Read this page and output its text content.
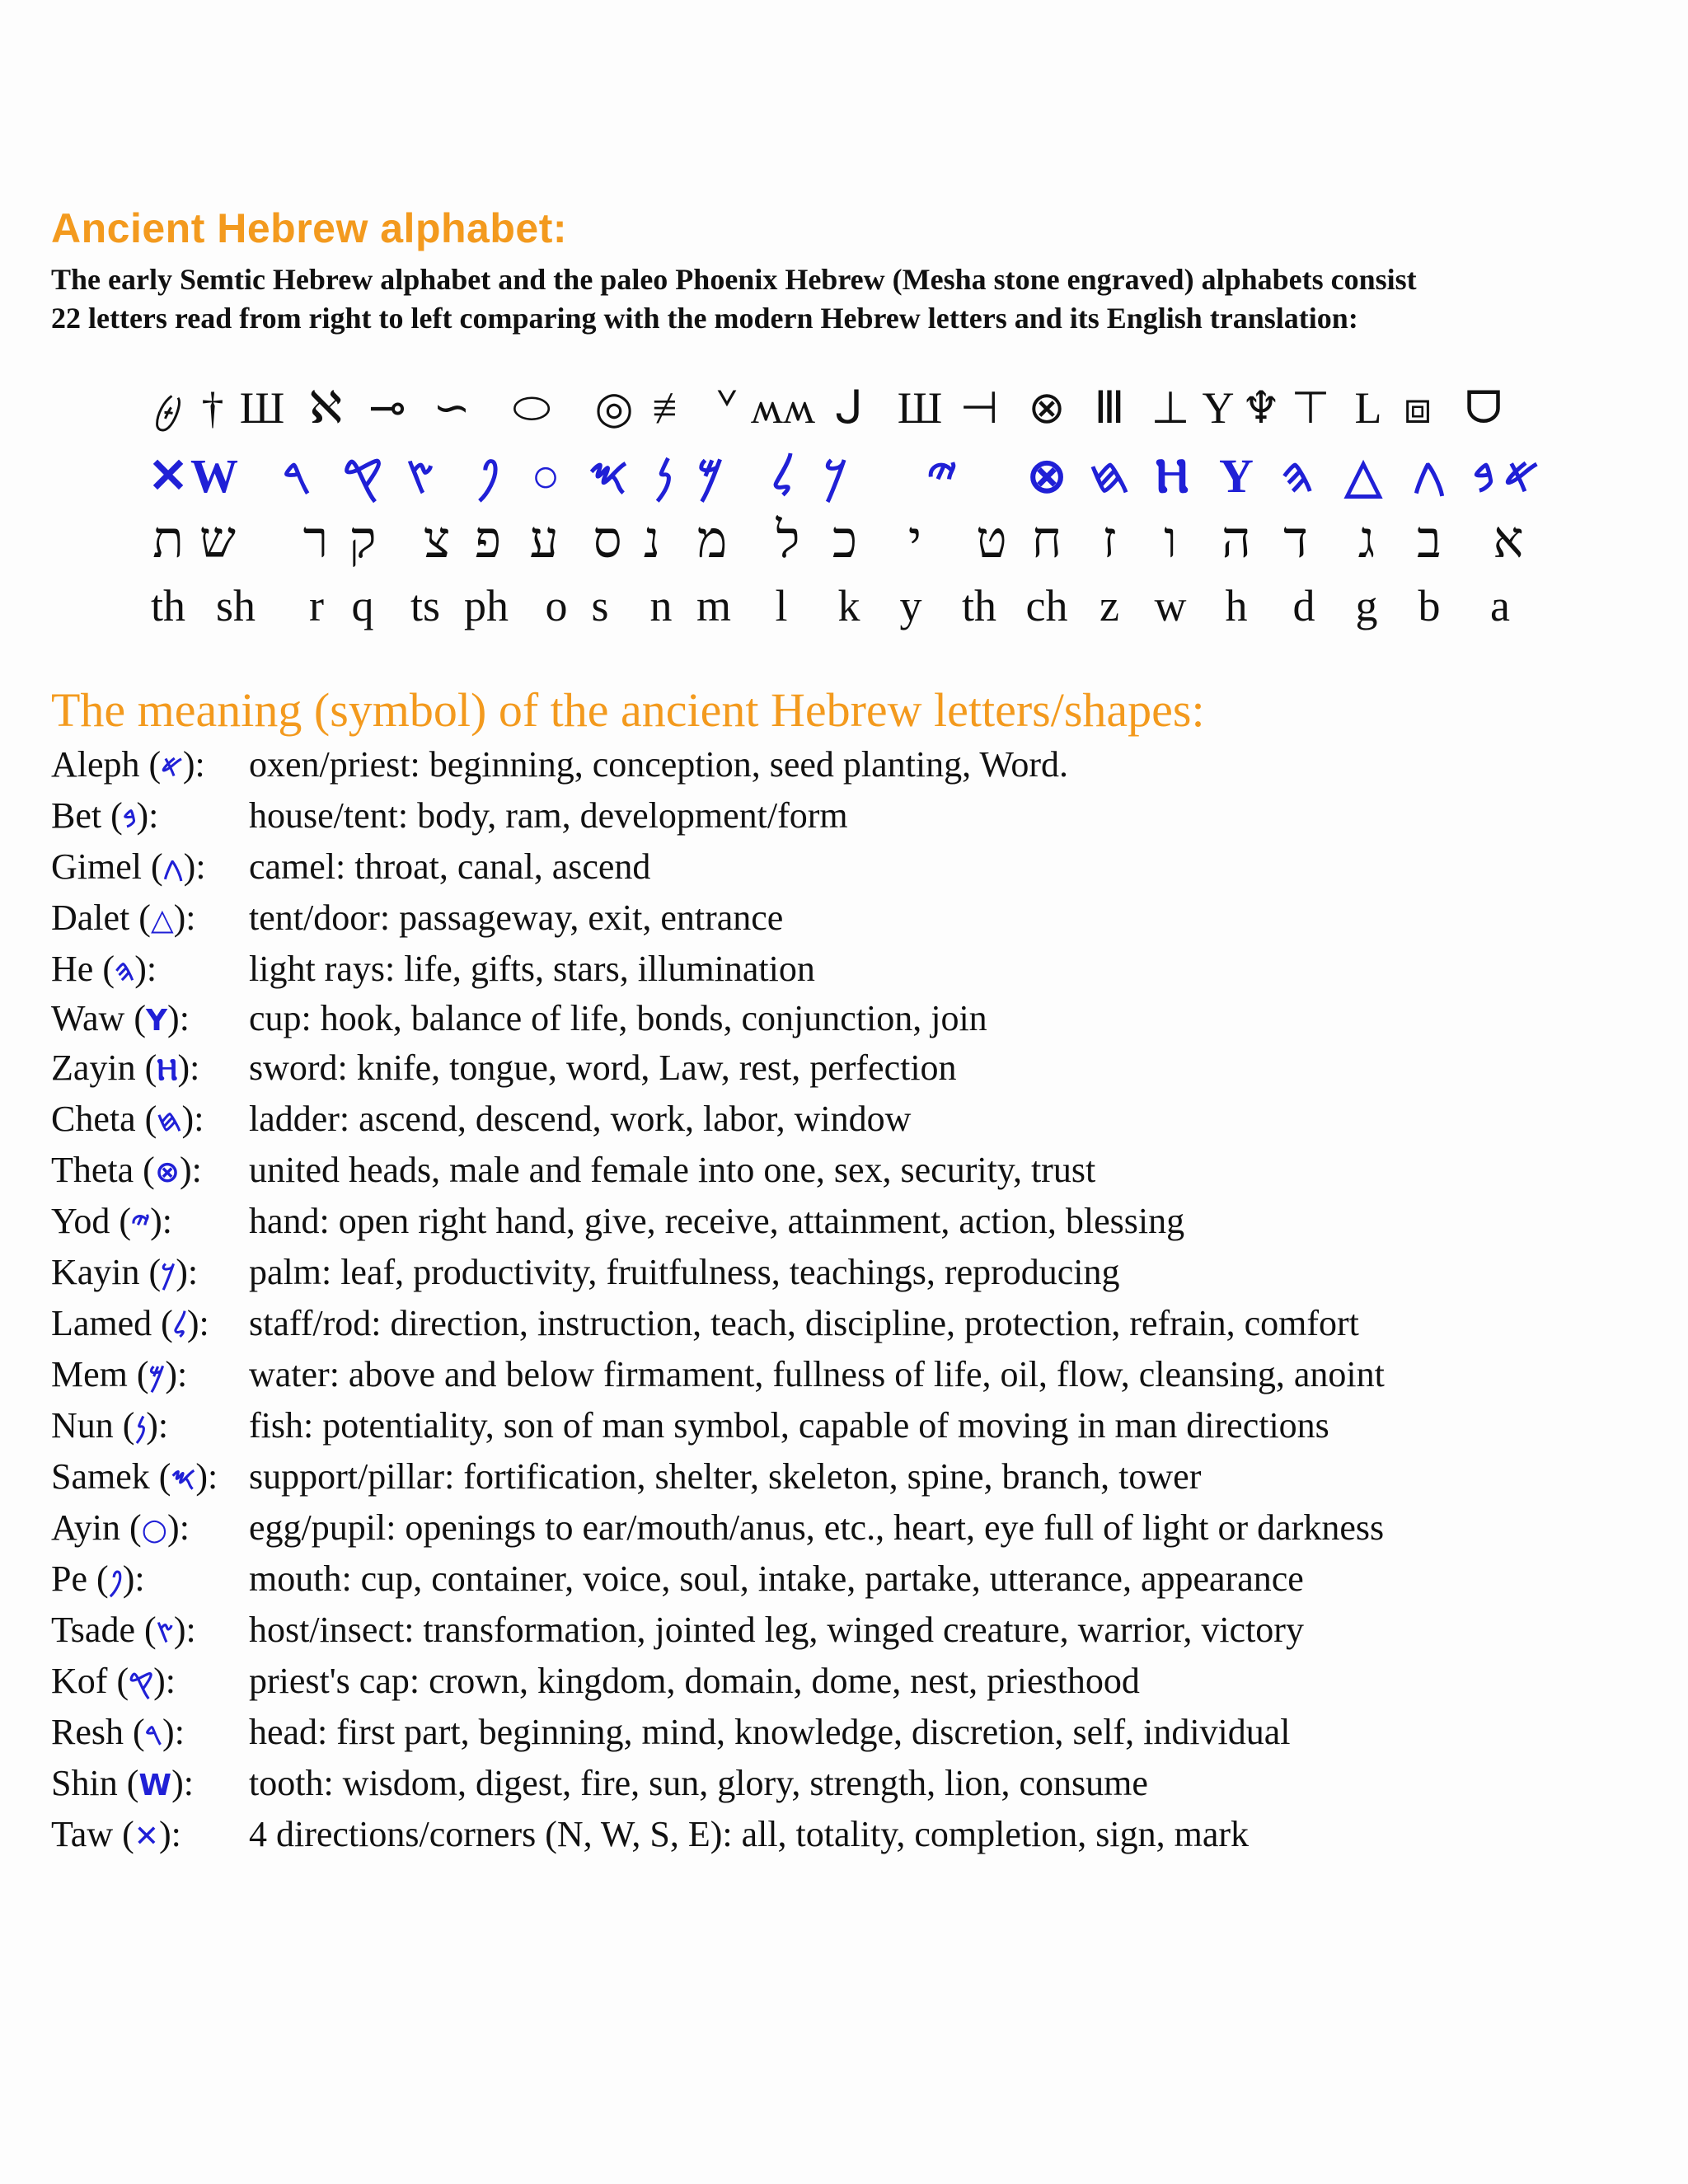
Ancient Hebrew alphabet:
The early Semtic Hebrew alphabet and the paleo Phoenix Hebrew (Mesha stone engraved) alphabets consist
22 letters read from right to left comparing with the modern Hebrew letters and its English translation:
𐤈 † Ш ℵ ⊸ ∽ ⬭ ◎ ≢ ᘁ ʍʍ ᒍ Ш ⊣ ⊗ Ⅲ ⊥ Y ♆ ⊤ L ⧈ ᗜ
✕ W 𐤓 𐤒 𐤑 𐤐 ○ 𐤎 𐤍 𐤌 𐤋 𐤊 𐤉 ⊗ 𐤇 Ⲏ Y 𐤄 △ 𐤂 𐤁 𐤀
ת ש ר ק צ פ ע ס נ מ ל כ י ט ח ז ו ה ד ג ב א
th sh r q ts ph o s n m l k y th ch z w h d g b a
The meaning (symbol) of the ancient Hebrew letters/shapes:
Aleph (𐤀): oxen/priest: beginning, conception, seed planting, Word.
Bet (𐤁): house/tent: body, ram, development/form
Gimel (𐤂): camel: throat, canal, ascend
Dalet (△): tent/door: passageway, exit, entrance
He (𐤄):	light rays: life, gifts, stars, illumination
Waw (Y): cup: hook, balance of life, bonds, conjunction, join
Zayin (Ⲏ): sword: knife, tongue, word, Law, rest, perfection
Cheta (𐤇): ladder: ascend, descend, work, labor, window
Theta (⊗): united heads, male and female into one, sex, security, trust
Yod (𐤉): hand: open right hand, give, receive, attainment, action, blessing
Kayin (𐤊): palm: leaf, productivity, fruitfulness, teachings, reproducing
Lamed (𐤋): staff/rod: direction, instruction, teach, discipline, protection, refrain, comfort
Mem (𐤌): water: above and below firmament, fullness of life, oil, flow, cleansing, anoint
Nun (𐤍): fish: potentiality, son of man symbol, capable of moving in man directions
Samek (𐤎): support/pillar: fortification, shelter, skeleton, spine, branch, tower
Ayin (○): egg/pupil: openings to ear/mouth/anus, etc., heart, eye full of light or darkness
Pe (𐤐):	mouth: cup, container, voice, soul, intake, partake, utterance, appearance
Tsade (𐤑): host/insect: transformation, jointed leg, winged creature, warrior, victory
Kof (𐤒): priest's cap: crown, kingdom, domain, dome, nest, priesthood
Resh (𐤓): head: first part, beginning, mind, knowledge, discretion, self, individual
Shin (W): tooth: wisdom, digest, fire, sun, glory, strength, lion, consume
Taw (✕): 4 directions/corners (N, W, S, E): all, totality, completion, sign, mark
